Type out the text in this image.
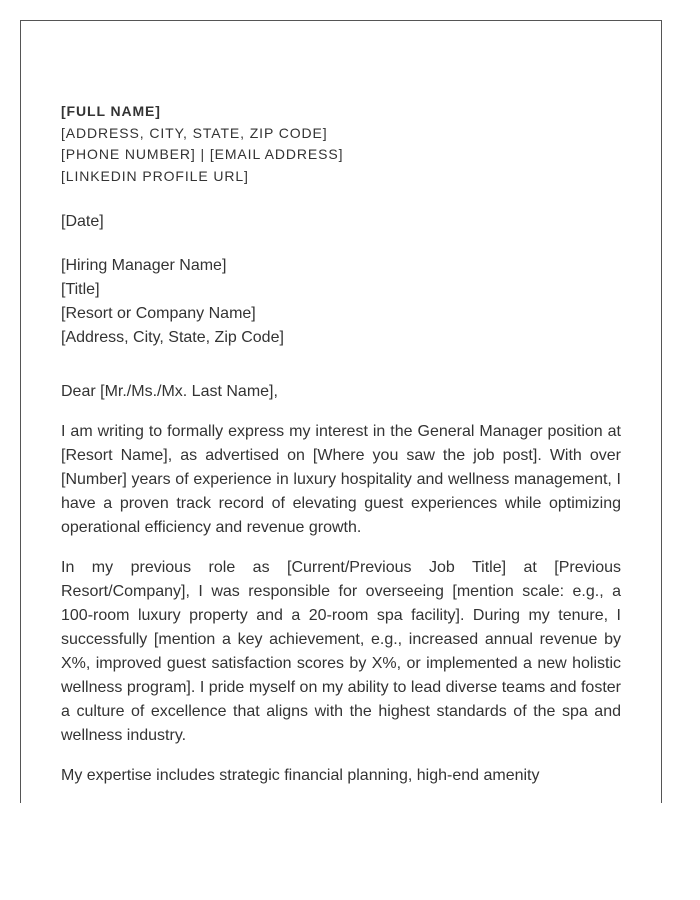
[FULL NAME]
[ADDRESS, CITY, STATE, ZIP CODE]
[PHONE NUMBER] | [EMAIL ADDRESS]
[LINKEDIN PROFILE URL]
[Date]
[Hiring Manager Name]
[Title]
[Resort or Company Name]
[Address, City, State, Zip Code]
Dear [Mr./Ms./Mx. Last Name],

I am writing to formally express my interest in the General Manager position at [Resort Name], as advertised on [Where you saw the job post]. With over [Number] years of experience in luxury hospitality and wellness management, I have a proven track record of elevating guest experiences while optimizing operational efficiency and revenue growth.

In my previous role as [Current/Previous Job Title] at [Previous Resort/Company], I was responsible for overseeing [mention scale: e.g., a 100-room luxury property and a 20-room spa facility]. During my tenure, I successfully [mention a key achievement, e.g., increased annual revenue by X%, improved guest satisfaction scores by X%, or implemented a new holistic wellness program]. I pride myself on my ability to lead diverse teams and foster a culture of excellence that aligns with the highest standards of the spa and wellness industry.

My expertise includes strategic financial planning, high-end amenity
